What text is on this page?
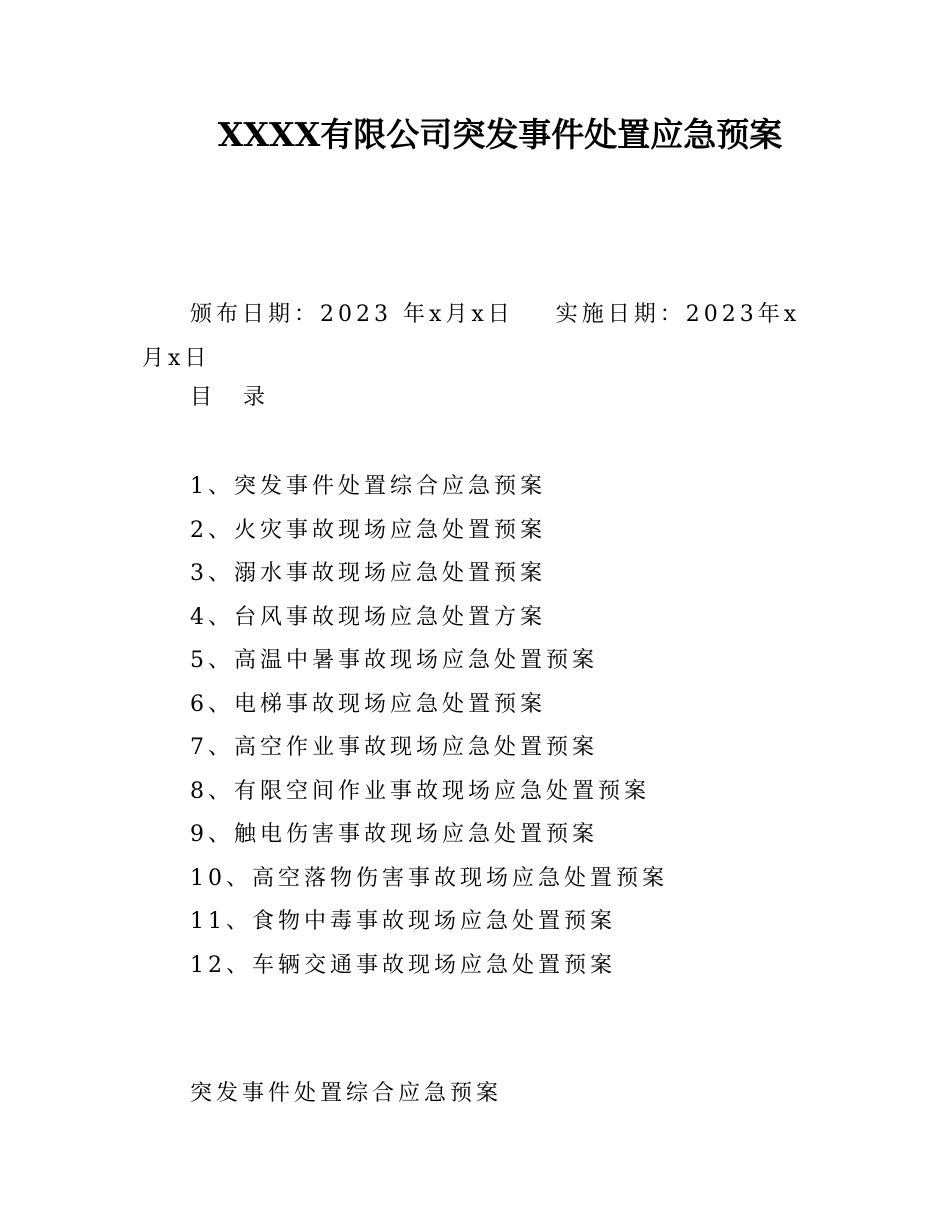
XXXX有限公司突发事件处置应急预案
颁布日期：2023 年x月x日 实施日期：2023年x月x日
目 录
1、突发事件处置综合应急预案
2、火灾事故现场应急处置预案
3、溺水事故现场应急处置预案
4、台风事故现场应急处置方案
5、高温中暑事故现场应急处置预案
6、电梯事故现场应急处置预案
7、高空作业事故现场应急处置预案
8、有限空间作业事故现场应急处置预案
9、触电伤害事故现场应急处置预案
10、高空落物伤害事故现场应急处置预案
11、食物中毒事故现场应急处置预案
12、车辆交通事故现场应急处置预案
突发事件处置综合应急预案
